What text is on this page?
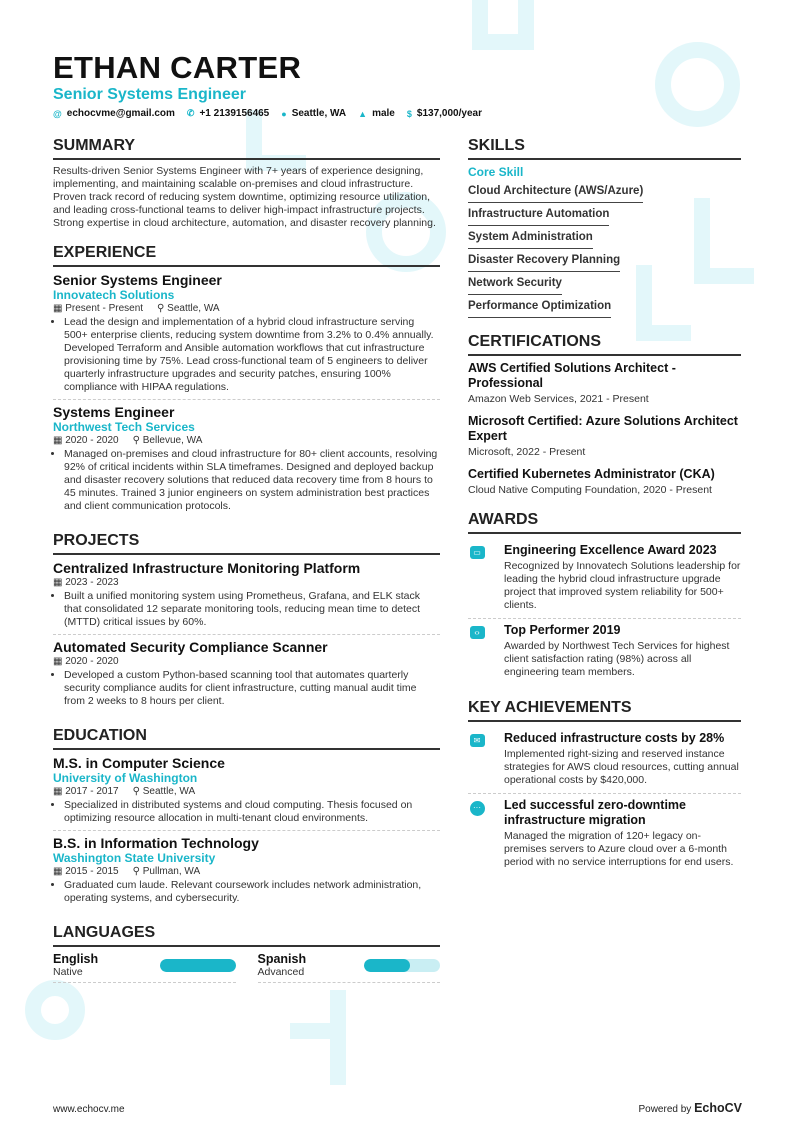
ETHAN CARTER
Senior Systems Engineer
@ echocvme@gmail.com ✆ +1 2139156465 ● Seattle, WA ▲ male $ $137,000/year
SUMMARY

Results-driven Senior Systems Engineer with 7+ years of experience designing, implementing, and maintaining scalable on-premises and cloud infrastructure. Proven track record of reducing system downtime, optimizing resource utilization, and leading cross-functional teams to deliver high-impact infrastructure projects. Strong expertise in cloud architecture, automation, and disaster recovery planning.

EXPERIENCE
Senior Systems Engineer
Innovatech Solutions
▦ Present - Present ⚲ Seattle, WA
• Lead the design and implementation of a hybrid cloud infrastructure serving 500+ enterprise clients, reducing system downtime from 3.2% to 0.4% annually. Developed Terraform and Ansible automation workflows that cut infrastructure provisioning time by 75%. Lead cross-functional team of 5 engineers to deliver quarterly infrastructure upgrades and security patches, ensuring 100% compliance with HIPAA regulations.
Systems Engineer
Northwest Tech Services
▦ 2020 - 2020 ⚲ Bellevue, WA
• Managed on-premises and cloud infrastructure for 80+ client accounts, resolving 92% of critical incidents within SLA timeframes. Designed and deployed backup and disaster recovery solutions that reduced data recovery time from 8 hours to 45 minutes. Trained 3 junior engineers on system administration best practices and client communication protocols.
PROJECTS
Centralized Infrastructure Monitoring Platform
▦ 2023 - 2023
• Built a unified monitoring system using Prometheus, Grafana, and ELK stack that consolidated 12 separate monitoring tools, reducing mean time to detect (MTTD) critical issues by 60%.
Automated Security Compliance Scanner
▦ 2020 - 2020
• Developed a custom Python-based scanning tool that automates quarterly security compliance audits for client infrastructure, cutting manual audit time from 2 weeks to 8 hours per client.
EDUCATION
M.S. in Computer Science
University of Washington
▦ 2017 - 2017 ⚲ Seattle, WA
• Specialized in distributed systems and cloud computing. Thesis focused on optimizing resource allocation in multi-tenant cloud environments.
B.S. in Information Technology
Washington State University
▦ 2015 - 2015 ⚲ Pullman, WA
• Graduated cum laude. Relevant coursework includes network administration, operating systems, and cybersecurity.
LANGUAGES
English
Native
Spanish
Advanced
SKILLS
Core Skill
Cloud Architecture (AWS/Azure)
Infrastructure Automation
System Administration
Disaster Recovery Planning
Network Security
Performance Optimization
CERTIFICATIONS
AWS Certified Solutions Architect - Professional
Amazon Web Services, 2021 - Present
Microsoft Certified: Azure Solutions Architect Expert
Microsoft, 2022 - Present
Certified Kubernetes Administrator (CKA)
Cloud Native Computing Foundation, 2020 - Present
AWARDS
▭ Engineering Excellence Award 2023
Recognized by Innovatech Solutions leadership for leading the hybrid cloud infrastructure upgrade project that improved system reliability for 500+ clients.
‹›	Top Performer 2019
Awarded by Northwest Tech Services for highest client satisfaction rating (98%) across all engineering team members.
KEY ACHIEVEMENTS
✉	Reduced infrastructure costs by 28%
Implemented right-sizing and reserved instance strategies for AWS cloud resources, cutting annual operational costs by $420,000.
··· Led successful zero-downtime infrastructure migration
Managed the migration of 120+ legacy on-premises servers to Azure cloud over a 6-month period with no service interruptions for end users.
www.echocv.me	Powered by EchoCV
